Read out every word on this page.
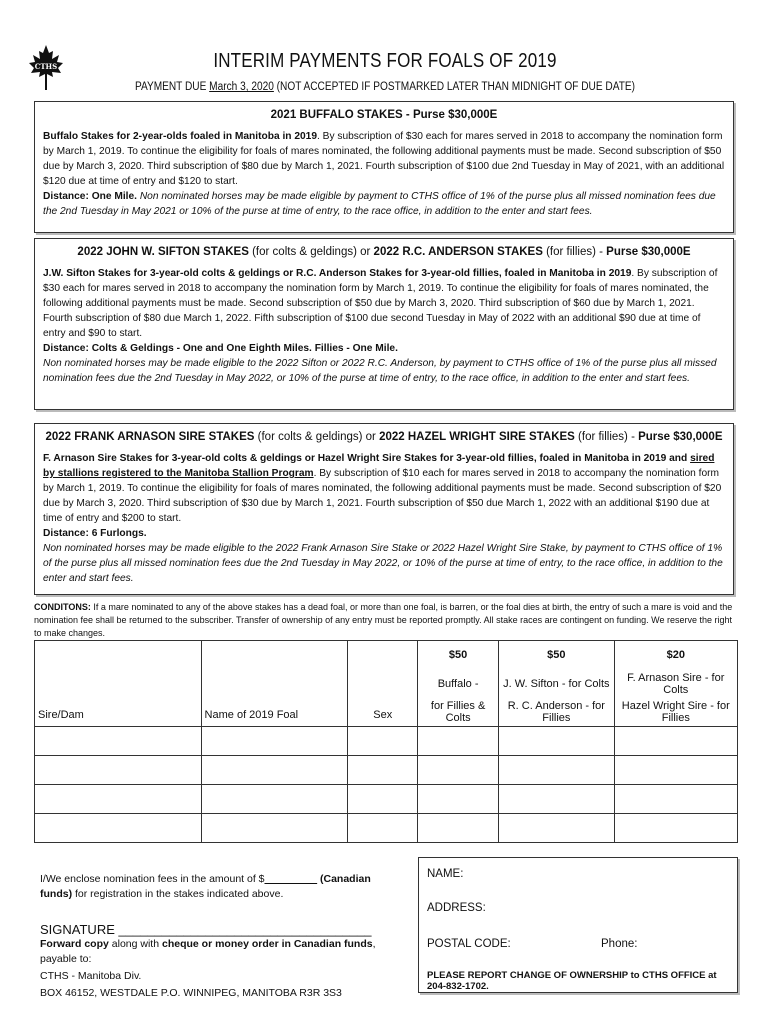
CTHS	INTERIM PAYMENTS FOR FOALS OF 2019
PAYMENT DUE March 3, 2020 (NOT ACCEPTED IF POSTMARKED LATER THAN MIDNIGHT OF DUE DATE)
2021 BUFFALO STAKES - Purse $30,000E

Buffalo Stakes for 2-year-olds foaled in Manitoba in 2019. By subscription of $30 each for mares served in 2018 to accompany the nomination form by March 1, 2019. To continue the eligibility for foals of mares nominated, the following additional payments must be made. Second subscription of $50 due by March 3, 2020. Third subscription of $80 due by March 1, 2021. Fourth subscription of $100 due 2nd Tuesday in May of 2021, with an additional $120 due at time of entry and $120 to start.

Distance: One Mile. Non nominated horses may be made eligible by payment to CTHS office of 1% of the purse plus all missed nomination fees due the 2nd Tuesday in May 2021 or 10% of the purse at time of entry, to the race office, in addition to the enter and start fees.

2022 JOHN W. SIFTON STAKES (for colts & geldings) or 2022 R.C. ANDERSON STAKES (for fillies) - Purse $30,000E

J.W. Sifton Stakes for 3-year-old colts & geldings or R.C. Anderson Stakes for 3-year-old fillies, foaled in Manitoba in 2019. By subscription of $30 each for mares served in 2018 to accompany the nomination form by March 1, 2019. To continue the eligibility for foals of mares nominated, the following additional payments must be made. Second subscription of $50 due by March 3, 2020. Third subscription of $60 due by March 1, 2021. Fourth subscription of $80 due March 1, 2022. Fifth subscription of $100 due second Tuesday in May of 2022 with an additional $90 due at time of entry and $90 to start.

Distance: Colts & Geldings - One and One Eighth Miles. Fillies - One Mile.

Non nominated horses may be made eligible to the 2022 Sifton or 2022 R.C. Anderson, by payment to CTHS office of 1% of the purse plus all missed nomination fees due the 2nd Tuesday in May 2022, or 10% of the purse at time of entry, to the race office, in addition to the enter and start fees.

2022 FRANK ARNASON SIRE STAKES (for colts & geldings) or 2022 HAZEL WRIGHT SIRE STAKES (for fillies) - Purse $30,000E

F. Arnason Sire Stakes for 3-year-old colts & geldings or Hazel Wright Sire Stakes for 3-year-old fillies, foaled in Manitoba in 2019 and sired by stallions registered to the Manitoba Stallion Program. By subscription of $10 each for mares served in 2018 to accompany the nomination form by March 1, 2019. To continue the eligibility for foals of mares nominated, the following additional payments must be made. Second subscription of $20 due by March 3, 2020. Third subscription of $30 due by March 1, 2021. Fourth subscription of $50 due March 1, 2022 with an additional $190 due at time of entry and $200 to start.

Distance: 6 Furlongs.

Non nominated horses may be made eligible to the 2022 Frank Arnason Sire Stake or 2022 Hazel Wright Sire Stake, by payment to CTHS office of 1% of the purse plus all missed nomination fees due the 2nd Tuesday in May 2022, or 10% of the purse at time of entry, to the race office, in addition to the enter and start fees.

CONDITONS: If a mare nominated to any of the above stakes has a dead foal, or more than one foal, is barren, or the foal dies at birth, the entry of such a mare is void and the nomination fee shall be returned to the subscriber. Transfer of ownership of any entry must be reported promptly. All stake races are contingent on funding. We reserve the right to make changes.
Sire/Dam	Name of 2019 Foal	Sex	$50	$50	$20
			Buffalo -	J. W. Sifton - for Colts	F. Arnason Sire - for Colts
			for Fillies & Colts	R. C. Anderson - for Fillies	Hazel Wright Sire - for Fillies

I/We enclose nomination fees in the amount of $_________ (Canadian funds) for registration in the stakes indicated above.
SIGNATURE ___________________________________
Forward copy along with cheque or money order in Canadian funds, payable to:
CTHS - Manitoba Div.
BOX 46152, WESTDALE P.O. WINNIPEG, MANITOBA R3R 3S3
NAME:
ADDRESS:
POSTAL CODE:	Phone:
PLEASE REPORT CHANGE OF OWNERSHIP to CTHS OFFICE at 204-832-1702.
